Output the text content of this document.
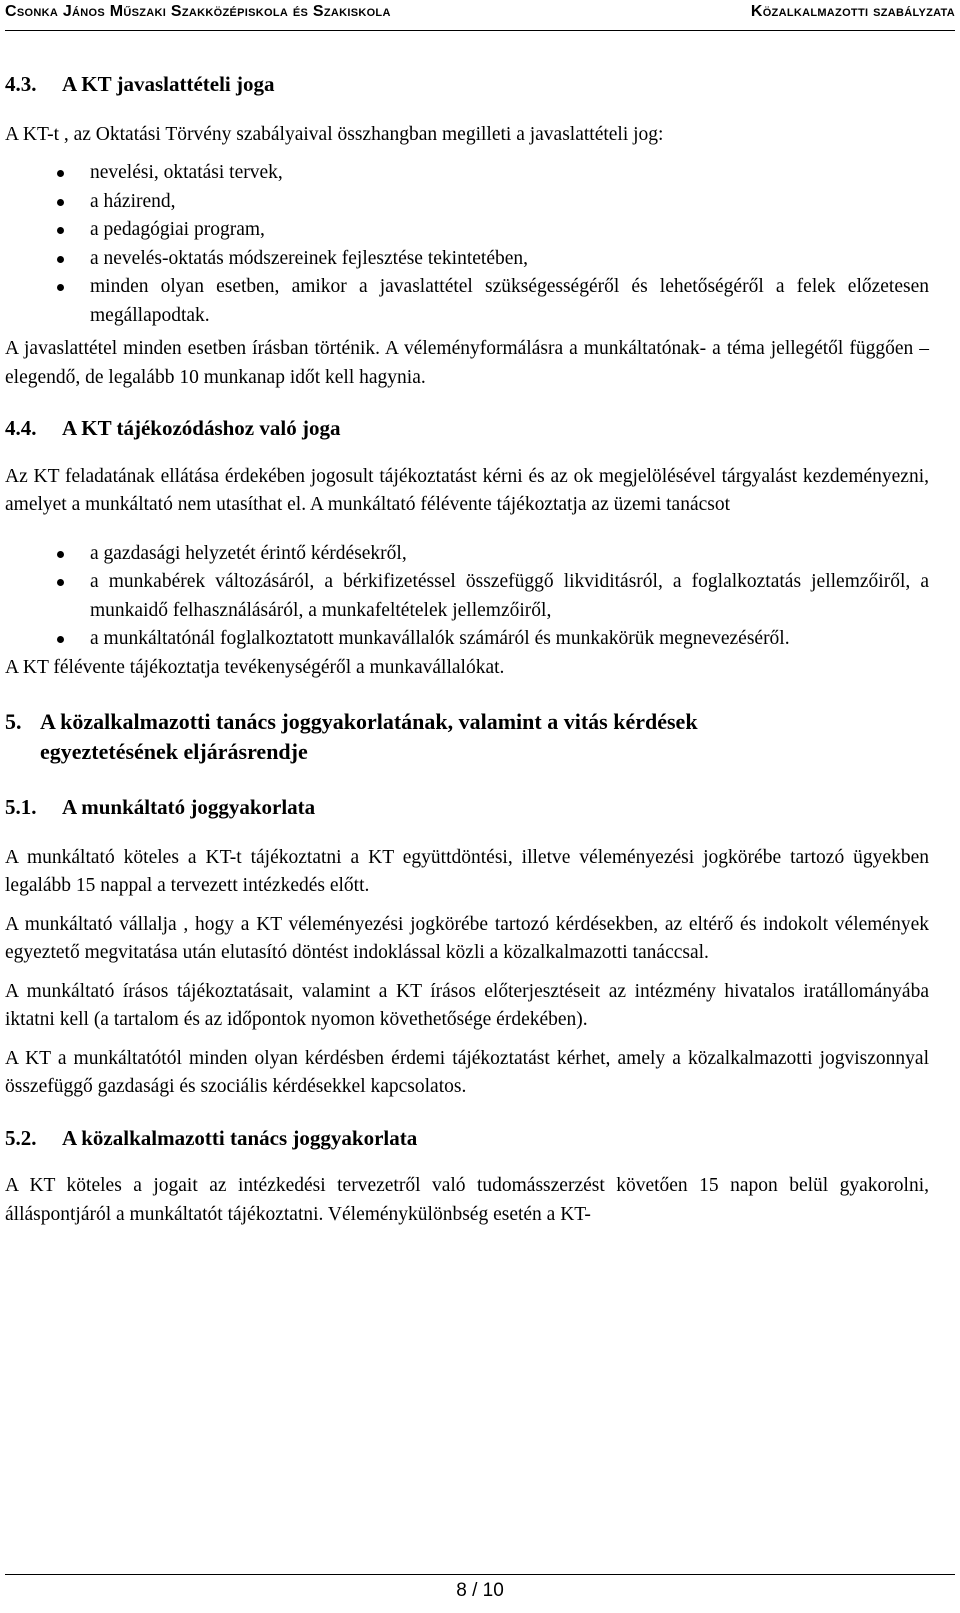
Csonka János Műszaki Szakközépiskola és Szakiskola	Közalkalmazotti szabályzata
4.3.	A KT javaslattételi joga

A KT-t , az Oktatási Törvény szabályaival összhangban megilleti a javaslattételi jog:

nevelési, oktatási tervek,
a házirend,
a pedagógiai program,
a nevelés-oktatás módszereinek fejlesztése tekintetében,
minden olyan esetben, amikor a javaslattétel szükségességéről és lehetőségéről a felek előzetesen megállapodtak.

A javaslattétel minden esetben írásban történik. A véleményformálásra a munkáltatónak- a téma jellegétől függően – elegendő, de legalább 10 munkanap időt kell hagynia.

4.4.	A KT tájékozódáshoz való joga

Az KT feladatának ellátása érdekében jogosult tájékoztatást kérni és az ok megjelölésével tárgyalást kezdeményezni, amelyet a munkáltató nem utasíthat el. A munkáltató félévente tájékoztatja az üzemi tanácsot

a gazdasági helyzetét érintő kérdésekről,
a munkabérek változásáról, a bérkifizetéssel összefüggő likviditásról, a foglalkoztatás jellemzőiről, a munkaidő felhasználásáról, a munkafeltételek jellemzőiről,
a munkáltatónál foglalkoztatott munkavállalók számáról és munkakörük megnevezéséről.

A KT félévente tájékoztatja tevékenységéről a munkavállalókat.

5. A közalkalmazotti tanács joggyakorlatának, valamint a vitás kérdések
egyeztetésének eljárásrendje
5.1.	A munkáltató joggyakorlata

A munkáltató köteles a KT-t tájékoztatni a KT együttdöntési, illetve véleményezési jogkörébe tartozó ügyekben legalább 15 nappal a tervezett intézkedés előtt.

A munkáltató vállalja , hogy a KT véleményezési jogkörébe tartozó kérdésekben, az eltérő és indokolt vélemények egyeztető megvitatása után elutasító döntést indoklással közli a közalkalmazotti tanáccsal.

A munkáltató írásos tájékoztatásait, valamint a KT írásos előterjesztéseit az intézmény hivatalos iratállományába iktatni kell (a tartalom és az időpontok nyomon követhetősége érdekében).

A KT a munkáltatótól minden olyan kérdésben érdemi tájékoztatást kérhet, amely a közalkalmazotti jogviszonnyal összefüggő gazdasági és szociális kérdésekkel kapcsolatos.

5.2.	A közalkalmazotti tanács joggyakorlata

A KT köteles a jogait az intézkedési tervezetről való tudomásszerzést követően 15 napon belül gyakorolni, álláspontjáról a munkáltatót tájékoztatni. Véleménykülönbség esetén a KT-

8 / 10
